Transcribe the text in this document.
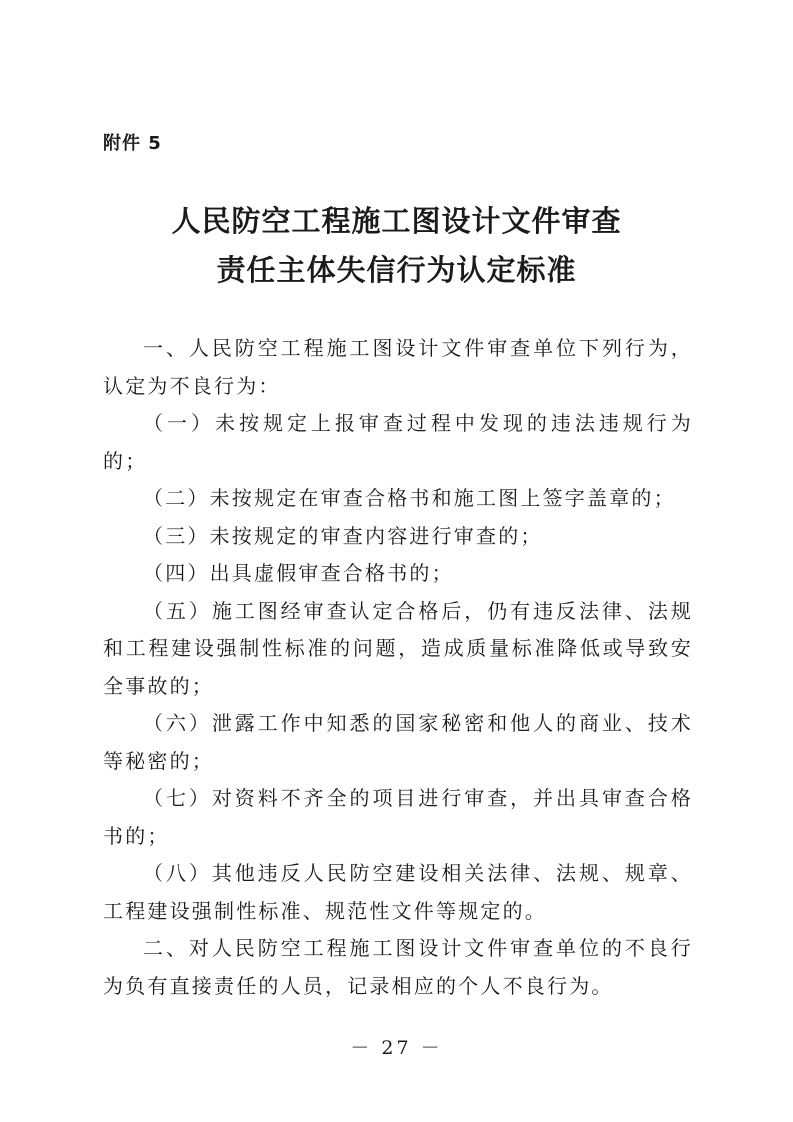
附件 5
人民防空工程施工图设计文件审查
责任主体失信行为认定标准

一、人民防空工程施工图设计文件审查单位下列行为，认定为不良行为：

（一）未按规定上报审查过程中发现的违法违规行为的；

（二）未按规定在审查合格书和施工图上签字盖章的；

（三）未按规定的审查内容进行审查的；

（四）出具虚假审查合格书的；

（五）施工图经审查认定合格后，仍有违反法律、法规和工程建设强制性标准的问题，造成质量标准降低或导致安全事故的；

（六）泄露工作中知悉的国家秘密和他人的商业、技术等秘密的；

（七）对资料不齐全的项目进行审查，并出具审查合格书的；

（八）其他违反人民防空建设相关法律、法规、规章、工程建设强制性标准、规范性文件等规定的。

二、对人民防空工程施工图设计文件审查单位的不良行为负有直接责任的人员，记录相应的个人不良行为。

－ 27 －
